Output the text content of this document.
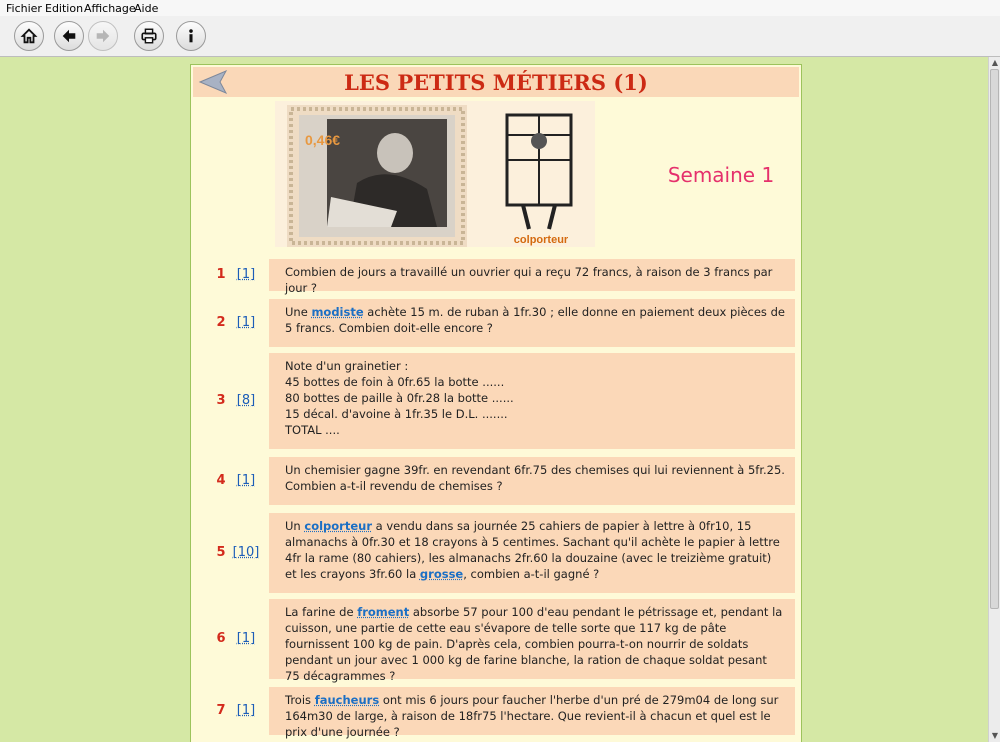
Fichier Edition Affichage
Aide
LES PETITS MÉTIERS (1)
0,46€
colporteur
Semaine 1
1 [1]	Combien de jours a travaillé un ouvrier qui a reçu 72 francs, à raison de 3 francs par jour ?
2 [1]
Une modiste achète 15 m. de ruban à 1fr.30 ; elle donne en paiement deux pièces de 5 francs. Combien doit-elle encore ?
3 [8]
Note d'un grainetier :
45 bottes de foin à 0fr.65 la botte ......
80 bottes de paille à 0fr.28 la botte ......
15 décal. d'avoine à 1fr.35 le D.L. .......
TOTAL ....
4 [1]
Un chemisier gagne 39fr. en revendant 6fr.75 des chemises qui lui reviennent à 5fr.25. Combien a-t-il revendu de chemises ?
5 [10]
Un colporteur a vendu dans sa journée 25 cahiers de papier à lettre à 0fr10, 15 almanachs à 0fr.30 et 18 crayons à 5 centimes. Sachant qu'il achète le papier à lettre 4fr la rame (80 cahiers), les almanachs 2fr.60 la douzaine (avec le treizième gratuit) et les crayons 3fr.60 la grosse, combien a-t-il gagné ?
6 [1]
La farine de froment absorbe 57 pour 100 d'eau pendant le pétrissage et, pendant la cuisson, une partie de cette eau s'évapore de telle sorte que 117 kg de pâte fournissent 100 kg de pain. D'après cela, combien pourra-t-on nourrir de soldats pendant un jour avec 1 000 kg de farine blanche, la ration de chaque soldat pesant 75 décagrammes ?
7 [1]
Trois faucheurs ont mis 6 jours pour faucher l'herbe d'un pré de 279m04 de long sur 164m30 de large, à raison de 18fr75 l'hectare. Que revient-il à chacun et quel est le prix d'une journée ?
▲
▼
